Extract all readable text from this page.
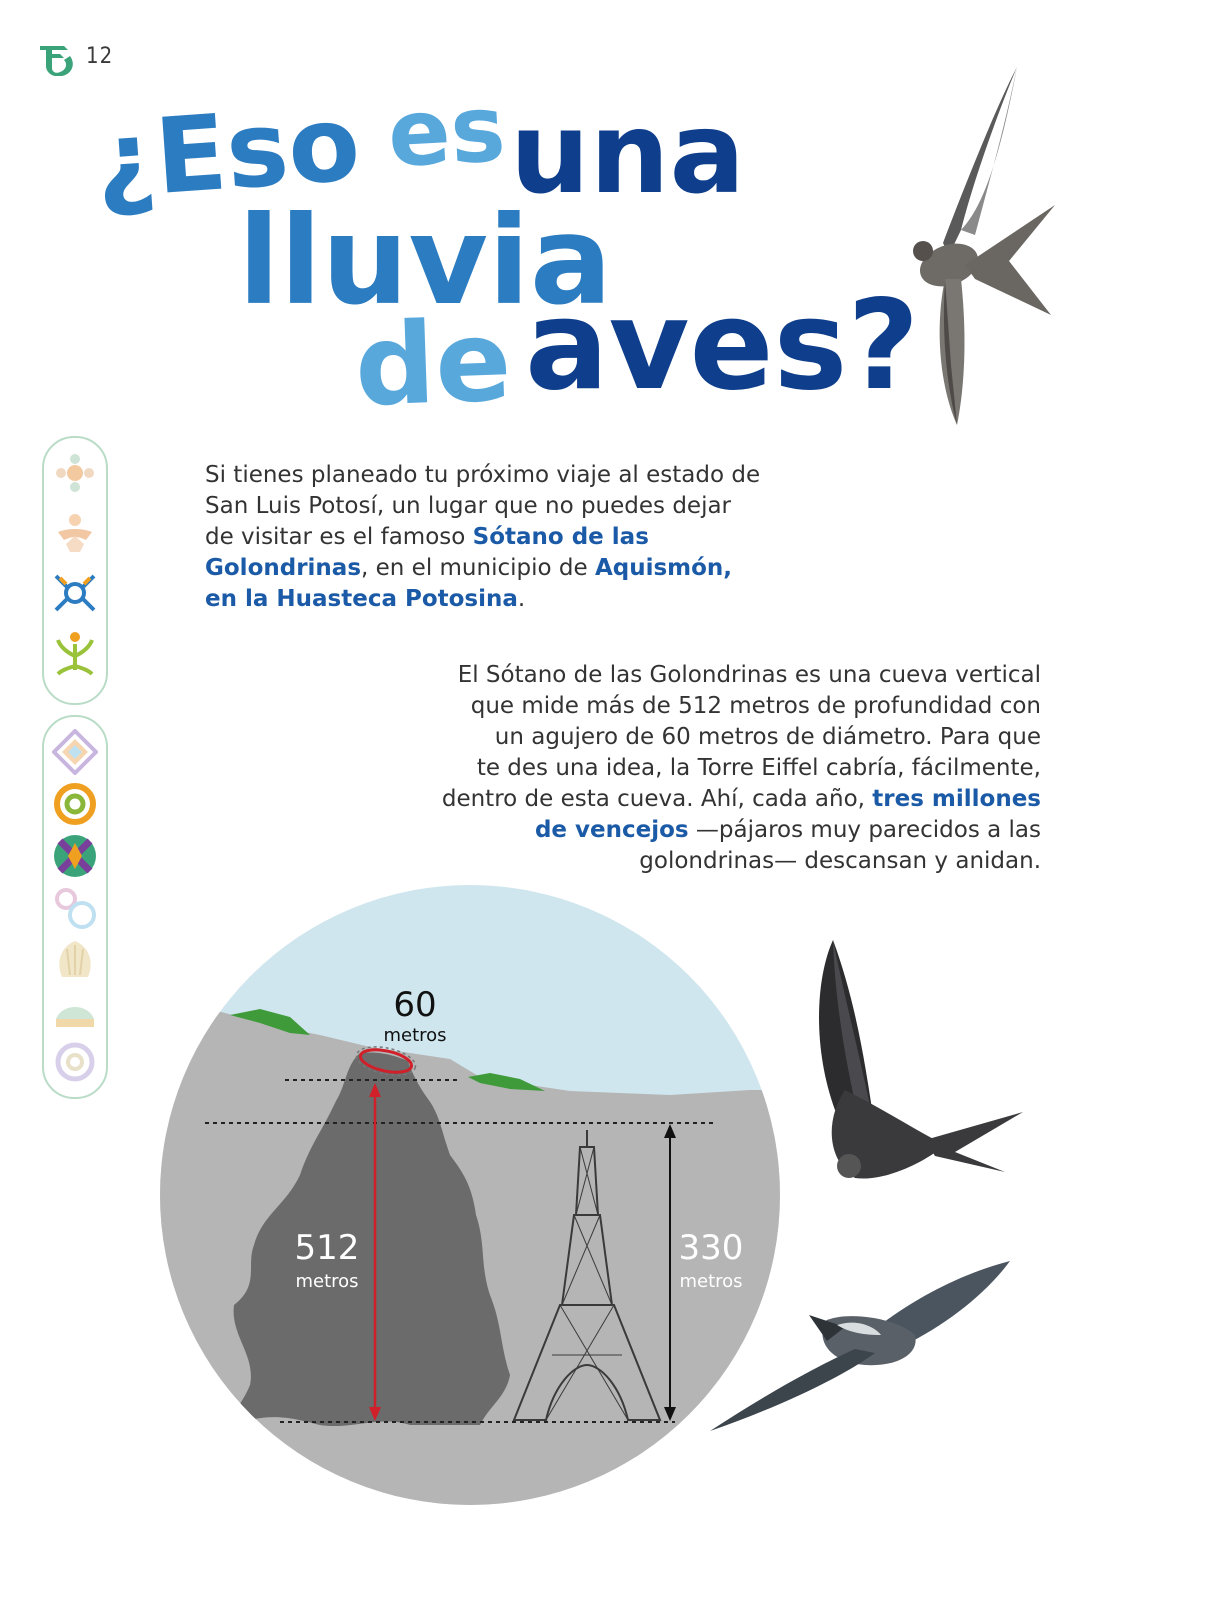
12
¿Eso es una
lluvia
de aves?
Si tienes planeado tu próximo viaje al estado de
San Luis Potosí, un lugar que no puedes dejar
de visitar es el famoso Sótano de las
Golondrinas, en el municipio de Aquismón,
en la Huasteca Potosina.
El Sótano de las Golondrinas es una cueva vertical
que mide más de 512 metros de profundidad con
un agujero de 60 metros de diámetro. Para que
te des una idea, la Torre Eiffel cabría, fácilmente,
dentro de esta cueva. Ahí, cada año, tres millones
de vencejos —pájaros muy parecidos a las
golondrinas— descansan y anidan.
60
metros
512
metros
330
metros
